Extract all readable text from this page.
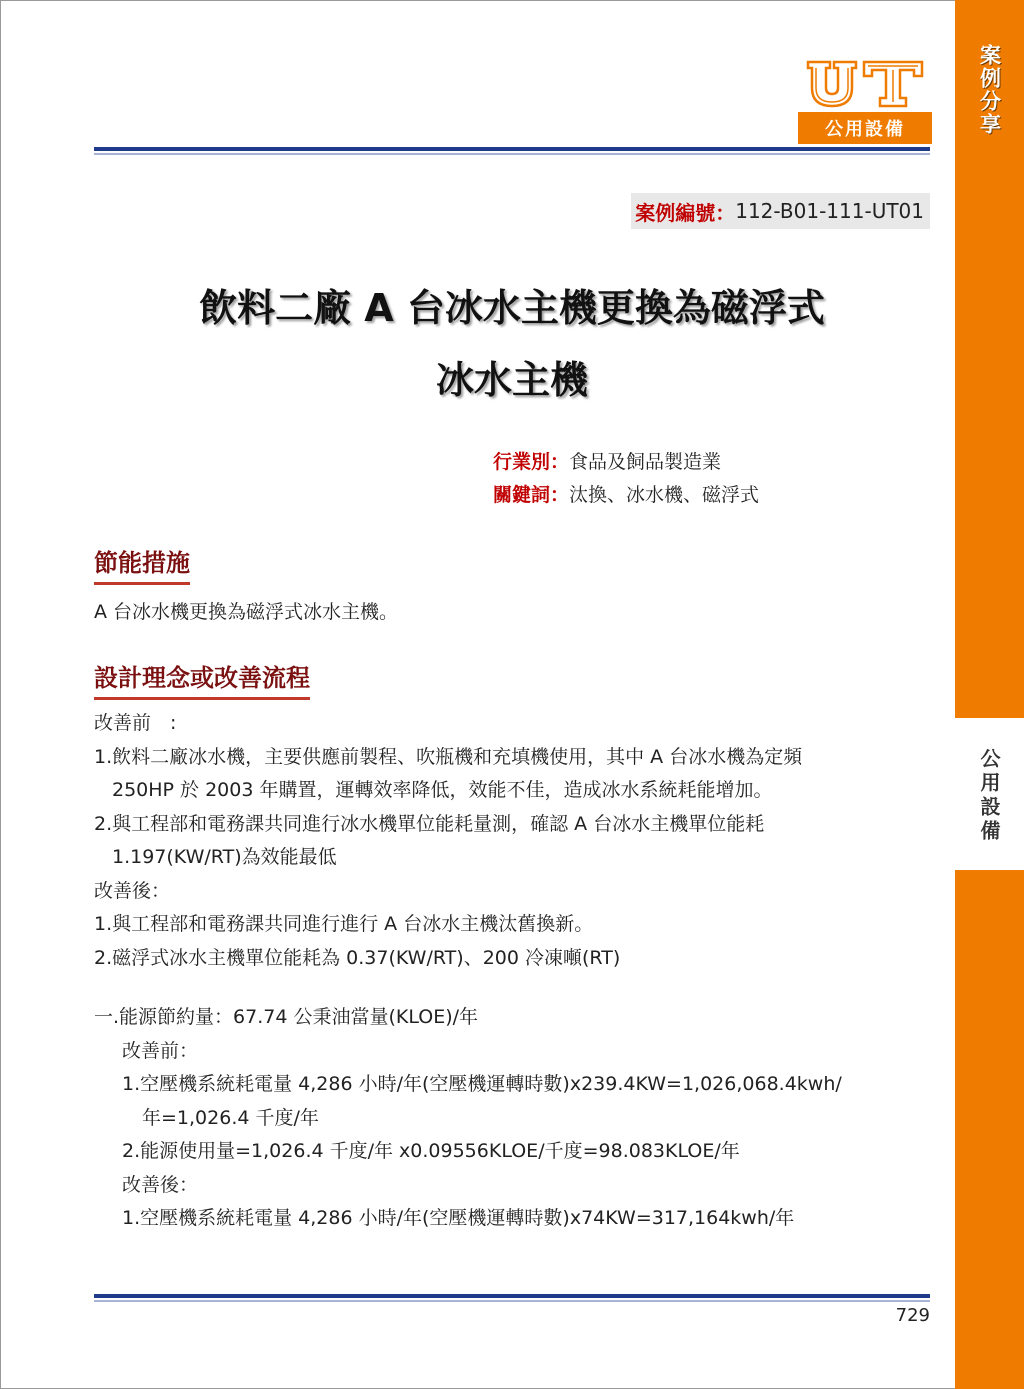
案例分享
公用設備
公用設備
案例編號： 112-B01-111-UT01
飲料二廠 A 台冰水主機更換為磁浮式
冰水主機
行業別：食品及飼品製造業
關鍵詞：汰換、冰水機、磁浮式
節能措施
A 台冰水機更換為磁浮式冰水主機。
設計理念或改善流程
改善前　:
1.飲料二廠冰水機，主要供應前製程、吹瓶機和充填機使用，其中 A 台冰水機為定頻
250HP 於 2003 年購置，運轉效率降低，效能不佳，造成冰水系統耗能增加。
2.與工程部和電務課共同進行冰水機單位能耗量測，確認 A 台冰水主機單位能耗
1.197(KW/RT)為效能最低
改善後：
1.與工程部和電務課共同進行進行 A 台冰水主機汰舊換新。
2.磁浮式冰水主機單位能耗為 0.37(KW/RT)、200 冷凍噸(RT)
一.能源節約量：67.74 公秉油當量(KLOE)/年
改善前：
1.空壓機系統耗電量 4,286 小時/年(空壓機運轉時數)x239.4KW=1,026,068.4kwh/
年=1,026.4 千度/年
2.能源使用量=1,026.4 千度/年 x0.09556KLOE/千度=98.083KLOE/年
改善後：
1.空壓機系統耗電量 4,286 小時/年(空壓機運轉時數)x74KW=317,164kwh/年
729
